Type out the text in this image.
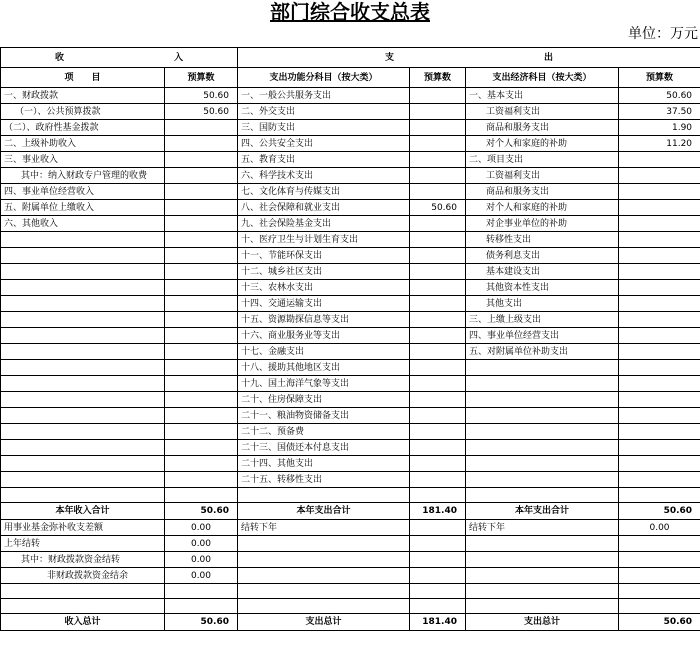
部门综合收支总表
单位：万元
收 入		支 出			
项　　目	预算数	支出功能分科目（按大类）	预算数	支出经济科目（按大类）	预算数
一、财政拨款	50.60	一、一般公共服务支出		一、基本支出	50.60
（一）、公共预算拨款	50.60	二、外交支出		工资福利支出	37.50
（二）、政府性基金拨款		三、国防支出		商品和服务支出	1.90
二、上级补助收入		四、公共安全支出		对个人和家庭的补助	11.20
三、事业收入		五、教育支出		二、项目支出	
其中：纳入财政专户管理的收费		六、科学技术支出		工资福利支出	
四、事业单位经营收入		七、文化体育与传媒支出		商品和服务支出	
五、附属单位上缴收入		八、社会保障和就业支出	50.60	对个人和家庭的补助	
六、其他收入		九、社会保险基金支出		对企事业单位的补助	
		十、医疗卫生与计划生育支出		转移性支出	
		十一、节能环保支出		债务利息支出	
		十二、城乡社区支出		基本建设支出	
		十三、农林水支出		其他资本性支出	
		十四、交通运输支出		其他支出	
		十五、资源勘探信息等支出		三、上缴上级支出	
		十六、商业服务业等支出		四、事业单位经营支出	
		十七、金融支出		五、对附属单位补助支出	
		十八、援助其他地区支出			
		十九、国土海洋气象等支出			
		二十、住房保障支出			
		二十一、粮油物资储备支出			
		二十二、预备费			
		二十三、国债还本付息支出			
		二十四、其他支出			
		二十五、转移性支出			

本年收入合计	50.60	本年支出合计	181.40	本年支出合计	50.60
用事业基金弥补收支差额	0.00	结转下年		结转下年	0.00
上年结转	0.00				
其中：财政拨款资金结转	0.00				
非财政拨款资金结余	0.00				

收入总计	50.60	支出总计	181.40	支出总计	50.60
